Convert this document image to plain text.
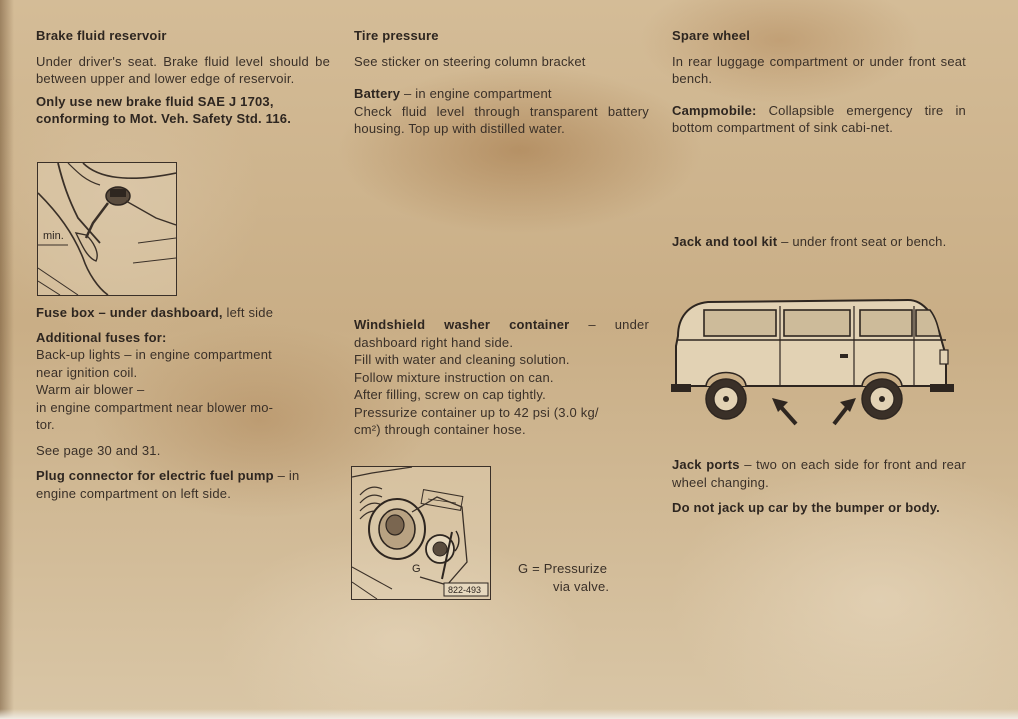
Brake fluid reservoir

Under driver's seat. Brake fluid level should be between upper and lower edge of reservoir.

Only use new brake fluid SAE J 1703, conforming to Mot. Veh. Safety Std. 116.

min.

Fuse box – under dashboard, left side

Additional fuses for:

Back-up lights – in engine compartment

near ignition coil.

Warm air blower –

in engine compartment near blower mo-

tor.

See page 30 and 31.

Plug connector for electric fuel pump – in engine compartment on left side.

Tire pressure

See sticker on steering column bracket

Battery – in engine compartment

Check fluid level through transparent battery housing. Top up with distilled water.

Windshield washer container – under dashboard right hand side.

Fill with water and cleaning solution.

Follow mixture instruction on can.

After filling, screw on cap tightly.

Pressurize container up to 42 psi (3.0 kg/

cm²) through container hose.

G
822-493

G = Pressurize

via valve.

Spare wheel

In rear luggage compartment or under front seat bench.

Campmobile: Collapsible emergency tire in bottom compartment of sink cabi-net.

Jack and tool kit – under front seat or bench.

Jack ports – two on each side for front and rear wheel changing.

Do not jack up car by the bumper or body.
